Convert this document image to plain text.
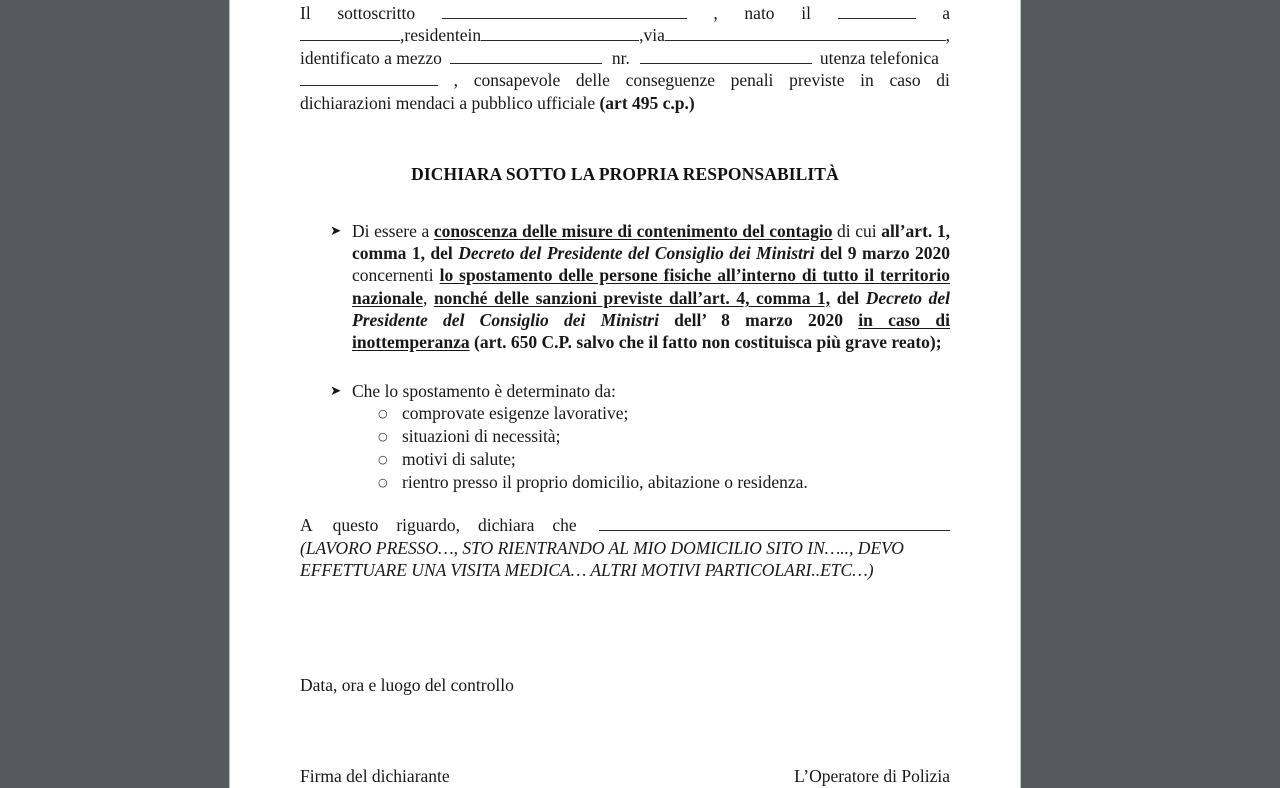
Il sottoscritto	, nato il	a
, residente in	, via	,
identificato a mezzo	nr.	utenza telefonica
, consapevole delle conseguenze penali previste in caso di
dichiarazioni mendaci a pubblico ufficiale (art 495 c.p.)
DICHIARA SOTTO LA PROPRIA RESPONSABILITÀ
➤ Di essere a conoscenza delle misure di contenimento del contagio di cui all’art. 1, comma 1, del Decreto del Presidente del Consiglio dei Ministri del 9 marzo 2020 concernenti lo spostamento delle persone fisiche all’interno di tutto il territorio nazionale, nonché delle sanzioni previste dall’art. 4, comma 1, del Decreto del Presidente del Consiglio dei Ministri dell’ 8 marzo 2020 in caso di inottemperanza (art. 650 C.P. salvo che il fatto non costituisca più grave reato);
➤ Che lo spostamento è determinato da:
○ comprovate esigenze lavorative;
○ situazioni di necessità;
○ motivi di salute;
○ rientro presso il proprio domicilio, abitazione o residenza.
A questo riguardo, dichiara che
(LAVORO PRESSO…, STO RIENTRANDO AL MIO DOMICILIO SITO IN….., DEVO
EFFETTUARE UNA VISITA MEDICA… ALTRI MOTIVI PARTICOLARI..ETC…)
Data, ora e luogo del controllo
Firma del dichiarante	L’Operatore di Polizia
